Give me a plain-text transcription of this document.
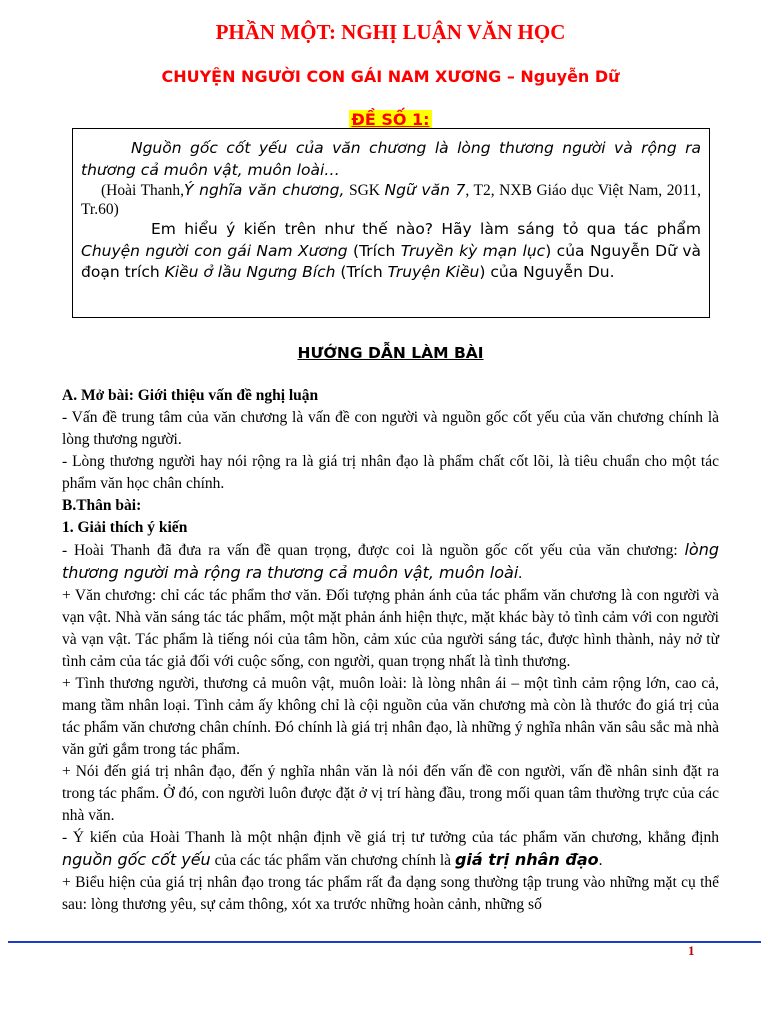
PHẦN MỘT: NGHỊ LUẬN VĂN HỌC
CHUYỆN NGƯỜI CON GÁI NAM XƯƠNG – Nguyễn Dữ
ĐỀ SỐ 1:

Nguồn gốc cốt yếu của văn chương là lòng thương người và rộng ra thương cả muôn vật, muôn loài…

(Hoài Thanh,Ý nghĩa văn chương, SGK Ngữ văn 7, T2, NXB Giáo dục Việt Nam, 2011, Tr.60)

Em hiểu ý kiến trên như thế nào? Hãy làm sáng tỏ qua tác phẩm Chuyện người con gái Nam Xương (Trích Truyền kỳ mạn lục) của Nguyễn Dữ và đoạn trích Kiều ở lầu Ngưng Bích (Trích Truyện Kiều) của Nguyễn Du.

HƯỚNG DẪN LÀM BÀI

A. Mở bài: Giới thiệu vấn đề nghị luận

- Vấn đề trung tâm của văn chương là vấn đề con người và nguồn gốc cốt yếu của văn chương chính là lòng thương người.

- Lòng thương người hay nói rộng ra là giá trị nhân đạo là phẩm chất cốt lõi, là tiêu chuẩn cho một tác phẩm văn học chân chính.

B.Thân bài:

1. Giải thích ý kiến

- Hoài Thanh đã đưa ra vấn đề quan trọng, được coi là nguồn gốc cốt yếu của văn chương: lòng thương người mà rộng ra thương cả muôn vật, muôn loài.

+ Văn chương: chỉ các tác phẩm thơ văn. Đối tượng phản ánh của tác phẩm văn chương là con người và vạn vật. Nhà văn sáng tác tác phẩm, một mặt phản ánh hiện thực, mặt khác bày tỏ tình cảm với con người và vạn vật. Tác phẩm là tiếng nói của tâm hồn, cảm xúc của người sáng tác, được hình thành, nảy nở từ tình cảm của tác giả đối với cuộc sống, con người, quan trọng nhất là tình thương.

+ Tình thương người, thương cả muôn vật, muôn loài: là lòng nhân ái – một tình cảm rộng lớn, cao cả, mang tầm nhân loại. Tình cảm ấy không chỉ là cội nguồn của văn chương mà còn là thước đo giá trị của tác phẩm văn chương chân chính. Đó chính là giá trị nhân đạo, là những ý nghĩa nhân văn sâu sắc mà nhà văn gửi gắm trong tác phẩm.

+ Nói đến giá trị nhân đạo, đến ý nghĩa nhân văn là nói đến vấn đề con người, vấn đề nhân sinh đặt ra trong tác phẩm. Ở đó, con người luôn được đặt ở vị trí hàng đầu, trong mối quan tâm thường trực của các nhà văn.

- Ý kiến của Hoài Thanh là một nhận định về giá trị tư tưởng của tác phẩm văn chương, khẳng định nguồn gốc cốt yếu của các tác phẩm văn chương chính là giá trị nhân đạo.

+ Biểu hiện của giá trị nhân đạo trong tác phẩm rất đa dạng song thường tập trung vào những mặt cụ thể sau: lòng thương yêu, sự cảm thông, xót xa trước những hoàn cảnh, những số

1
